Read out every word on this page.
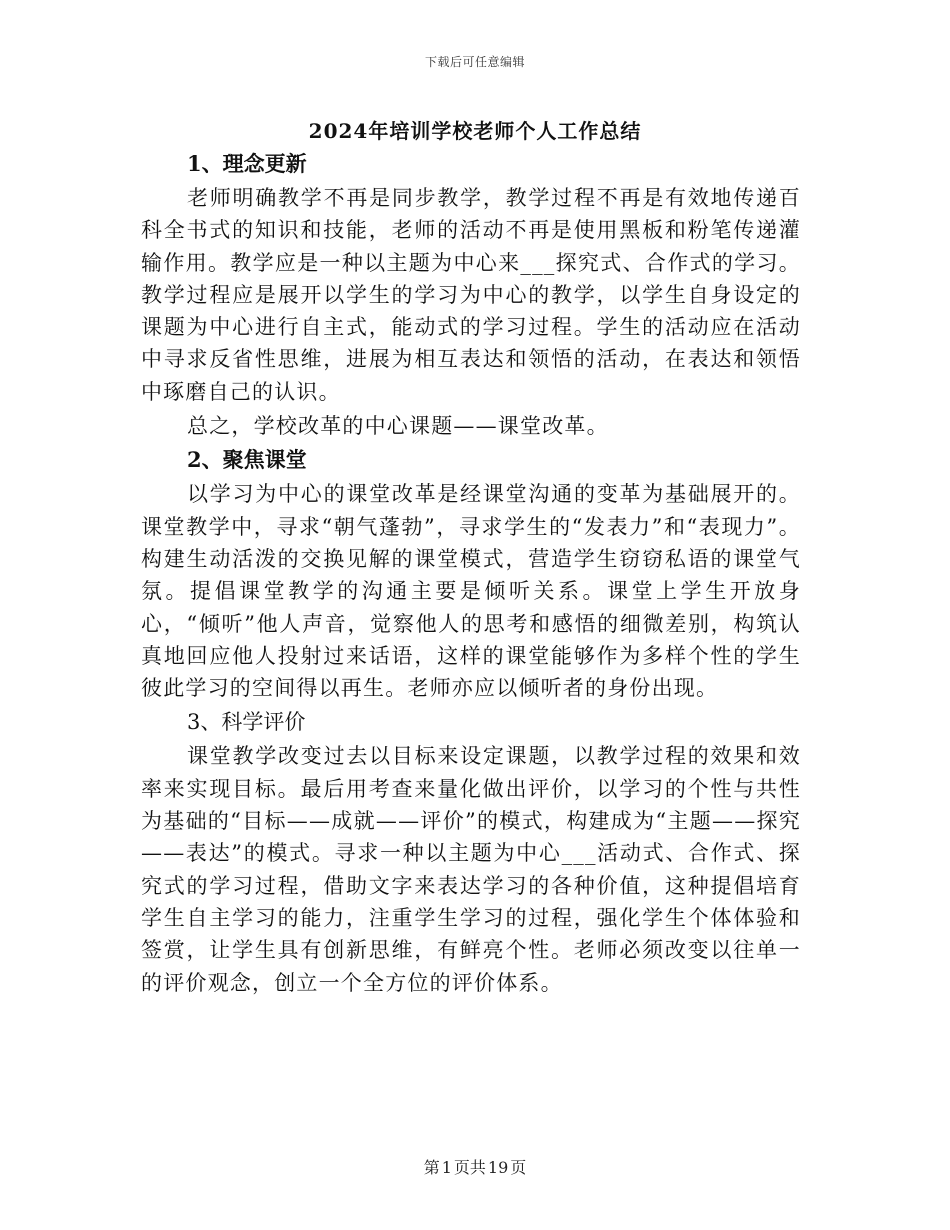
下载后可任意编辑
2024年培训学校老师个人工作总结
1、理念更新

老师明确教学不再是同步教学，教学过程不再是有效地传递百科全书式的知识和技能，老师的活动不再是使用黑板和粉笔传递灌输作用。教学应是一种以主题为中心来___探究式、合作式的学习。教学过程应是展开以学生的学习为中心的教学，以学生自身设定的课题为中心进行自主式，能动式的学习过程。学生的活动应在活动中寻求反省性思维，进展为相互表达和领悟的活动，在表达和领悟中琢磨自己的认识。

总之，学校改革的中心课题——课堂改革。

2、聚焦课堂

以学习为中心的课堂改革是经课堂沟通的变革为基础展开的。课堂教学中，寻求“朝气蓬勃”，寻求学生的“发表力”和“表现力”。构建生动活泼的交换见解的课堂模式，营造学生窃窃私语的课堂气氛。提倡课堂教学的沟通主要是倾听关系。课堂上学生开放身心，“倾听”他人声音，觉察他人的思考和感悟的细微差别，构筑认真地回应他人投射过来话语，这样的课堂能够作为多样个性的学生彼此学习的空间得以再生。老师亦应以倾听者的身份出现。

3、科学评价

课堂教学改变过去以目标来设定课题，以教学过程的效果和效率来实现目标。最后用考查来量化做出评价，以学习的个性与共性为基础的“目标——成就——评价”的模式，构建成为“主题——探究——表达”的模式。寻求一种以主题为中心___活动式、合作式、探究式的学习过程，借助文字来表达学习的各种价值，这种提倡培育学生自主学习的能力，注重学生学习的过程，强化学生个体体验和签赏，让学生具有创新思维，有鲜亮个性。老师必须改变以往单一的评价观念，创立一个全方位的评价体系。

第 1 页共 19 页
